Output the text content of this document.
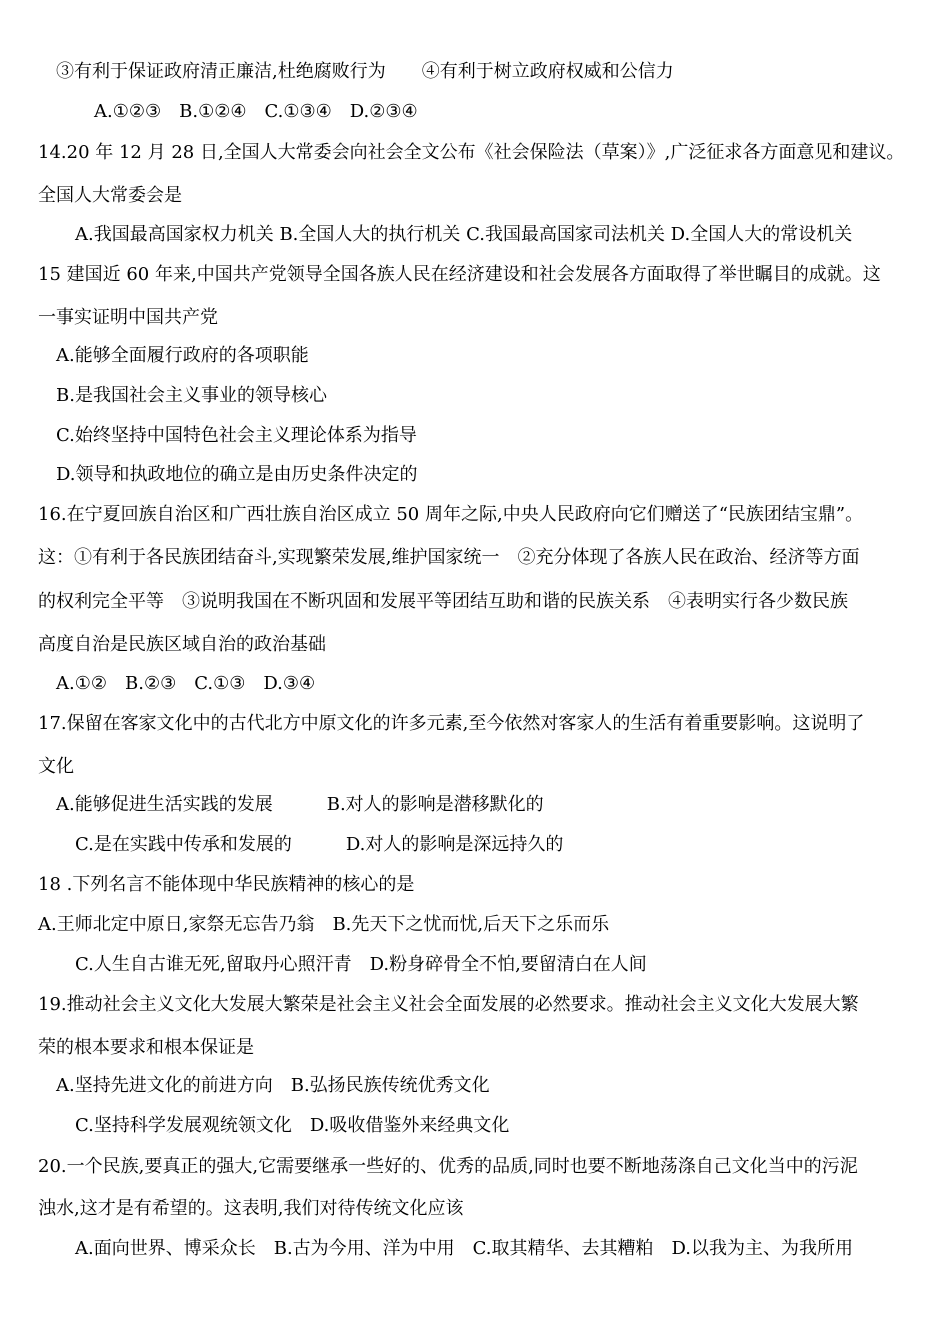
③有利于保证政府清正廉洁,杜绝腐败行为　　④有利于树立政府权威和公信力
A.①②③　B.①②④　C.①③④　D.②③④
14.20 年 12 月 28 日,全国人大常委会向社会全文公布《社会保险法（草案）》,广泛征求各方面意见和建议。
全国人大常委会是
A.我国最高国家权力机关 B.全国人大的执行机关 C.我国最高国家司法机关 D.全国人大的常设机关
15 建国近 60 年来,中国共产党领导全国各族人民在经济建设和社会发展各方面取得了举世瞩目的成就。这
一事实证明中国共产党
A.能够全面履行政府的各项职能
B.是我国社会主义事业的领导核心
C.始终坚持中国特色社会主义理论体系为指导
D.领导和执政地位的确立是由历史条件决定的
16.在宁夏回族自治区和广西壮族自治区成立 50 周年之际,中央人民政府向它们赠送了“民族团结宝鼎”。
这：①有利于各民族团结奋斗,实现繁荣发展,维护国家统一　②充分体现了各族人民在政治、经济等方面
的权利完全平等　③说明我国在不断巩固和发展平等团结互助和谐的民族关系　④表明实行各少数民族
高度自治是民族区域自治的政治基础
A.①②　B.②③　C.①③　D.③④
17.保留在客家文化中的古代北方中原文化的许多元素,至今依然对客家人的生活有着重要影响。这说明了
文化
A.能够促进生活实践的发展　　　B.对人的影响是潜移默化的
C.是在实践中传承和发展的　　　D.对人的影响是深远持久的
18 .下列名言不能体现中华民族精神的核心的是
A.王师北定中原日,家祭无忘告乃翁　B.先天下之忧而忧,后天下之乐而乐
C.人生自古谁无死,留取丹心照汗青　D.粉身碎骨全不怕,要留清白在人间
19.推动社会主义文化大发展大繁荣是社会主义社会全面发展的必然要求。推动社会主义文化大发展大繁
荣的根本要求和根本保证是
A.坚持先进文化的前进方向　B.弘扬民族传统优秀文化
C.坚持科学发展观统领文化　D.吸收借鉴外来经典文化
20.一个民族,要真正的强大,它需要继承一些好的、优秀的品质,同时也要不断地荡涤自己文化当中的污泥
浊水,这才是有希望的。这表明,我们对待传统文化应该
A.面向世界、博采众长　B.古为今用、洋为中用　C.取其精华、去其糟粕　D.以我为主、为我所用
